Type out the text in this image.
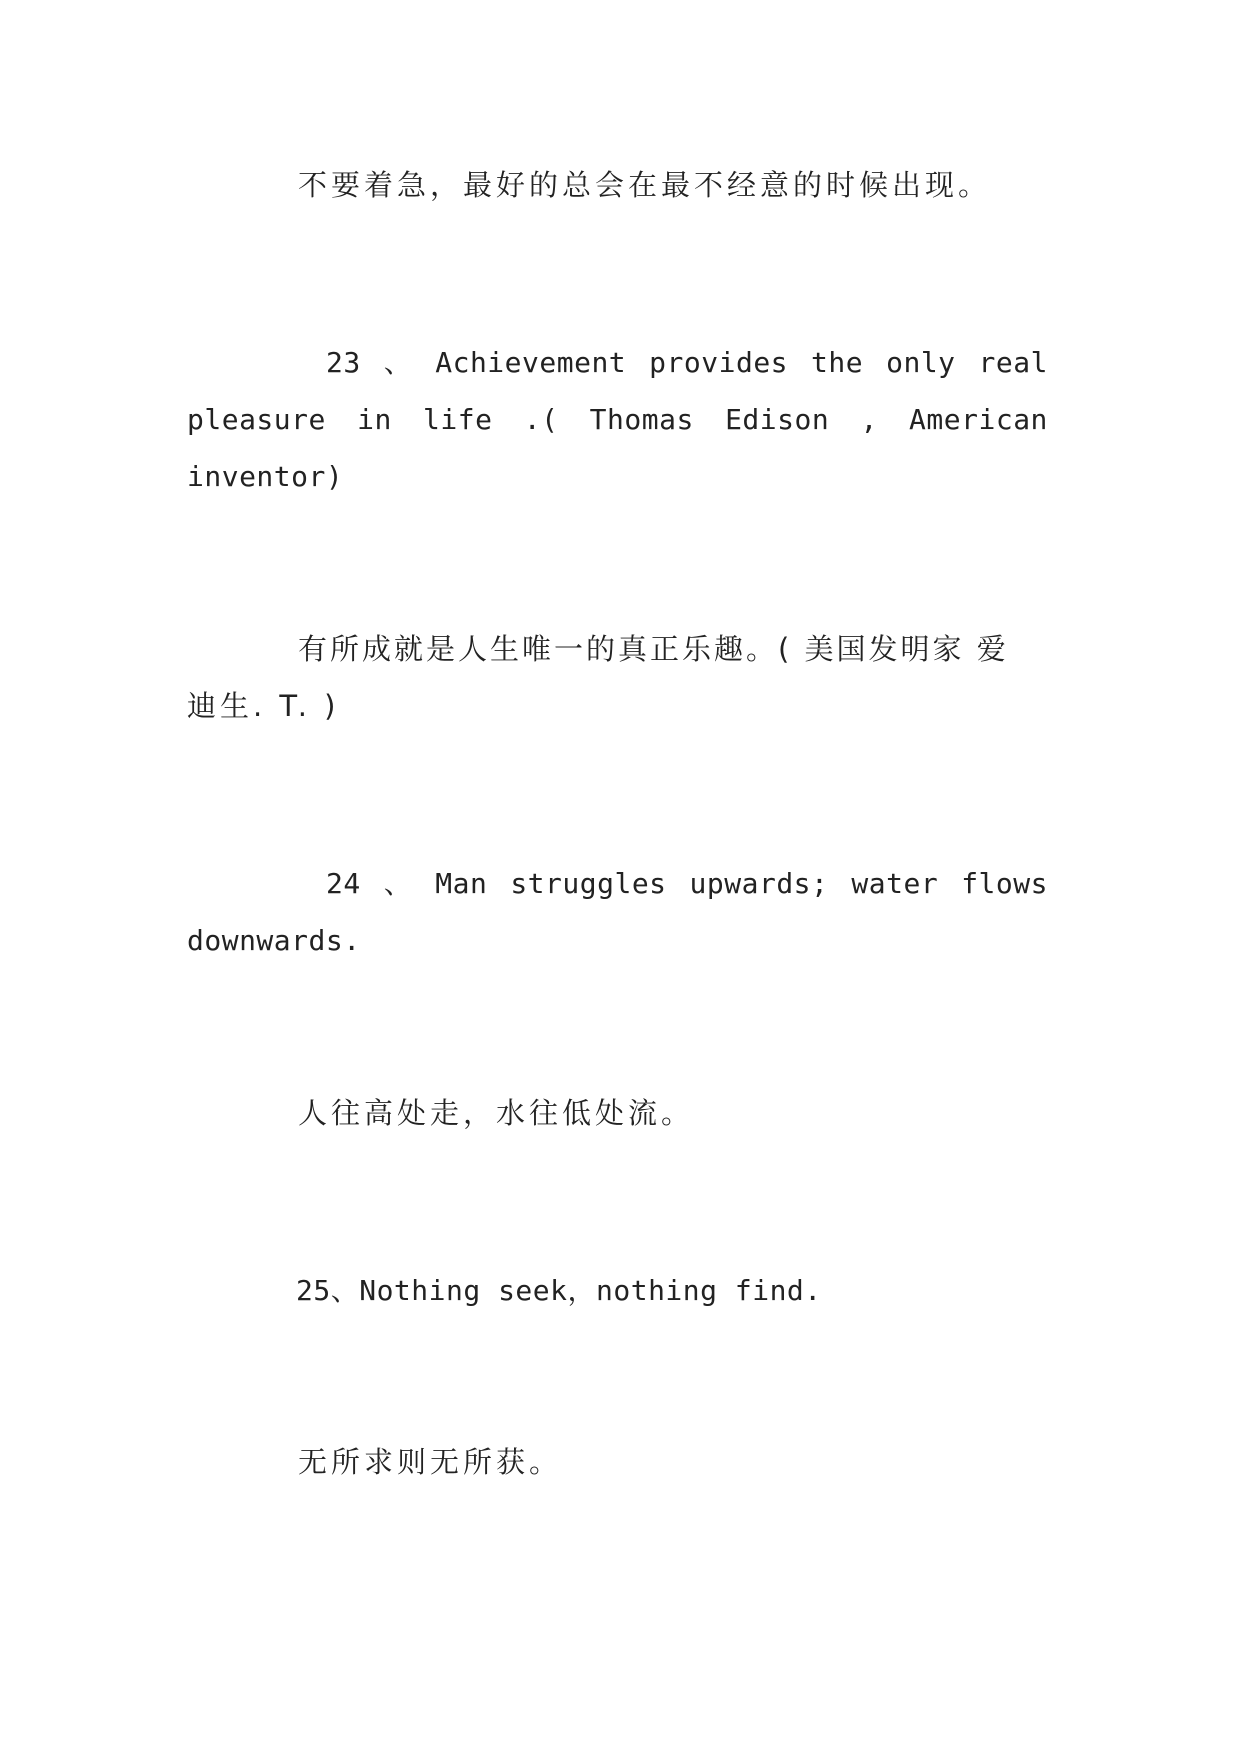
不要着急，最好的总会在最不经意的时候出现。
23 、 Achievement provides the only real
pleasure in life .( Thomas Edison , American
inventor)
有所成就是人生唯一的真正乐趣。( 美国发明家 爱
迪生. T. )
24 、 Man struggles upwards; water flows
downwards.
人往高处走，水往低处流。
25、Nothing seek，nothing find.
无所求则无所获。
